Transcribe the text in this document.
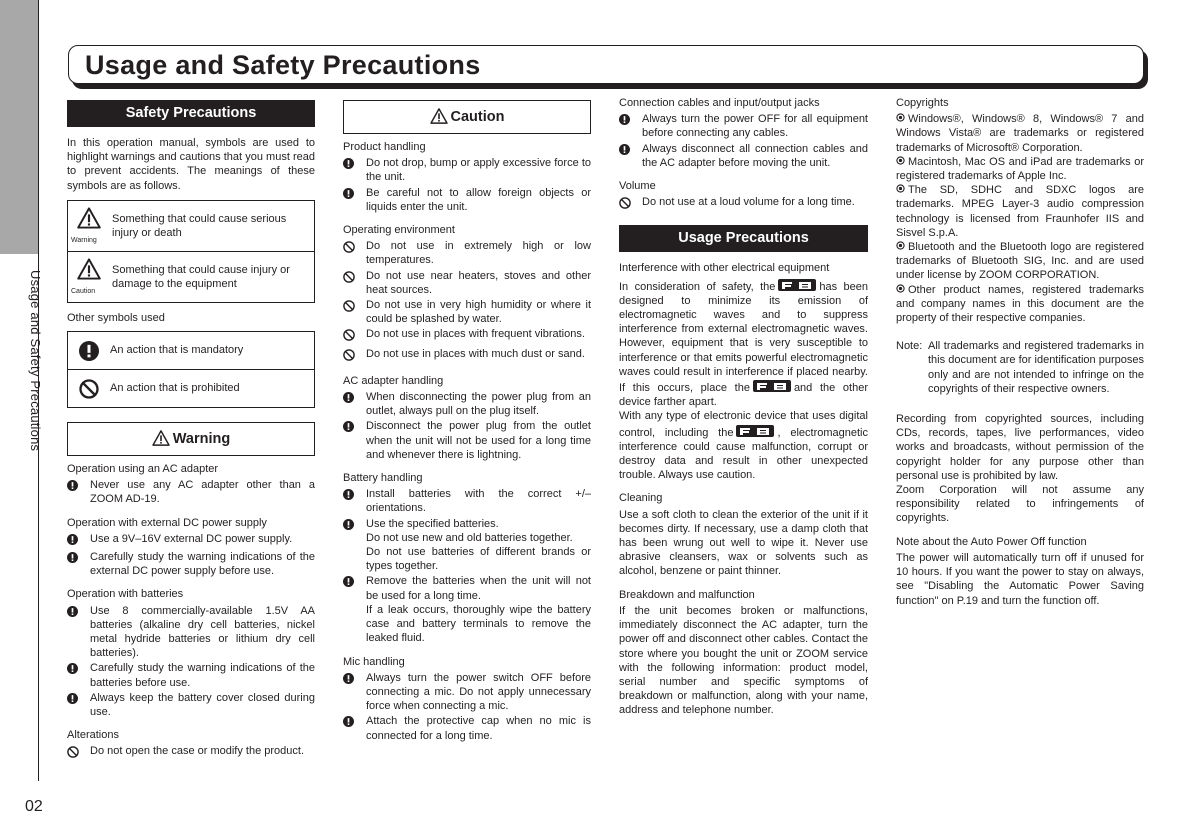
Usage and Safety Precautions
02
Usage and Safety Precautions
Safety Precautions

In this operation manual, symbols are used to highlight warnings and cautions that you must read to prevent accidents. The meanings of these symbols are as follows.

Warning
Something that could cause serious injury or death
Caution
Something that could cause injury or damage to the equipment
Other symbols used
An action that is mandatory
An action that is prohibited
Warning
Operation using an AC adapter
Never use any AC adapter other than a ZOOM AD-19.
Operation with external DC power supply
Use a 9V–16V external DC power supply.
Carefully study the warning indications of the external DC power supply before use.
Operation with batteries
Use 8 commercially-available 1.5V AA batteries (alkaline dry cell batteries, nickel metal hydride batteries or lithium dry cell batteries).
Carefully study the warning indications of the batteries before use.
Always keep the battery cover closed during use.
Alterations
Do not open the case or modify the product.
Caution
Product handling
Do not drop, bump or apply excessive force to the unit.
Be careful not to allow foreign objects or liquids enter the unit.
Operating environment
Do not use in extremely high or low temperatures.
Do not use near heaters, stoves and other heat sources.
Do not use in very high humidity or where it could be splashed by water.
Do not use in places with frequent vibrations.
Do not use in places with much dust or sand.
AC adapter handling
When disconnecting the power plug from an outlet, always pull on the plug itself.
Disconnect the power plug from the outlet when the unit will not be used for a long time and whenever there is lightning.
Battery handling
Install batteries with the correct +/– orientations.
Use the specified batteries.
Do not use new and old batteries together.
Do not use batteries of different brands or types together.
Remove the batteries when the unit will not be used for a long time.
If a leak occurs, thoroughly wipe the battery case and battery terminals to remove the leaked fluid.
Mic handling
Always turn the power switch OFF before connecting a mic. Do not apply unnecessary force when connecting a mic.
Attach the protective cap when no mic is connected for a long time.
Connection cables and input/output jacks
Always turn the power OFF for all equipment before connecting any cables.
Always disconnect all connection cables and the AC adapter before moving the unit.
Volume
Do not use at a loud volume for a long time.
Usage Precautions
Interference with other electrical equipment

In consideration of safety, the	has been designed to minimize its emission of electromagnetic waves and to suppress interference from external electromagnetic waves. However, equipment that is very susceptible to interference or that emits powerful electromagnetic waves could result in interference if placed nearby. If this occurs, place the	and the other device farther apart.

With any type of electronic device that uses digital control, including the	, electromagnetic interference could cause malfunction, corrupt or destroy data and result in other unexpected trouble. Always use caution.

Cleaning

Use a soft cloth to clean the exterior of the unit if it becomes dirty. If necessary, use a damp cloth that has been wrung out well to wipe it. Never use abrasive cleansers, wax or solvents such as alcohol, benzene or paint thinner.

Breakdown and malfunction

If the unit becomes broken or malfunctions, immediately disconnect the AC adapter, turn the power off and disconnect other cables. Contact the store where you bought the unit or ZOOM service with the following information: product model, serial number and specific symptoms of breakdown or malfunction, along with your name, address and telephone number.

Copyrights

Windows®, Windows® 8, Windows® 7 and Windows Vista® are trademarks or registered trademarks of Microsoft® Corporation.

Macintosh, Mac OS and iPad are trademarks or registered trademarks of Apple Inc.

The SD, SDHC and SDXC logos are trademarks. MPEG Layer-3 audio compression technology is licensed from Fraunhofer IIS and Sisvel S.p.A.

Bluetooth and the Bluetooth logo are registered trademarks of Bluetooth SIG, Inc. and are used under license by ZOOM CORPORATION.

Other product names, registered trademarks and company names in this document are the property of their respective companies.

Note: All trademarks and registered trademarks in this document are for identification purposes only and are not intended to infringe on the copyrights of their respective owners.

Recording from copyrighted sources, including CDs, records, tapes, live performances, video works and broadcasts, without permission of the copyright holder for any purpose other than personal use is prohibited by law.

Zoom Corporation will not assume any responsibility related to infringements of copyrights.

Note about the Auto Power Off function

The power will automatically turn off if unused for 10 hours. If you want the power to stay on always, see "Disabling the Automatic Power Saving function" on P.19 and turn the function off.
